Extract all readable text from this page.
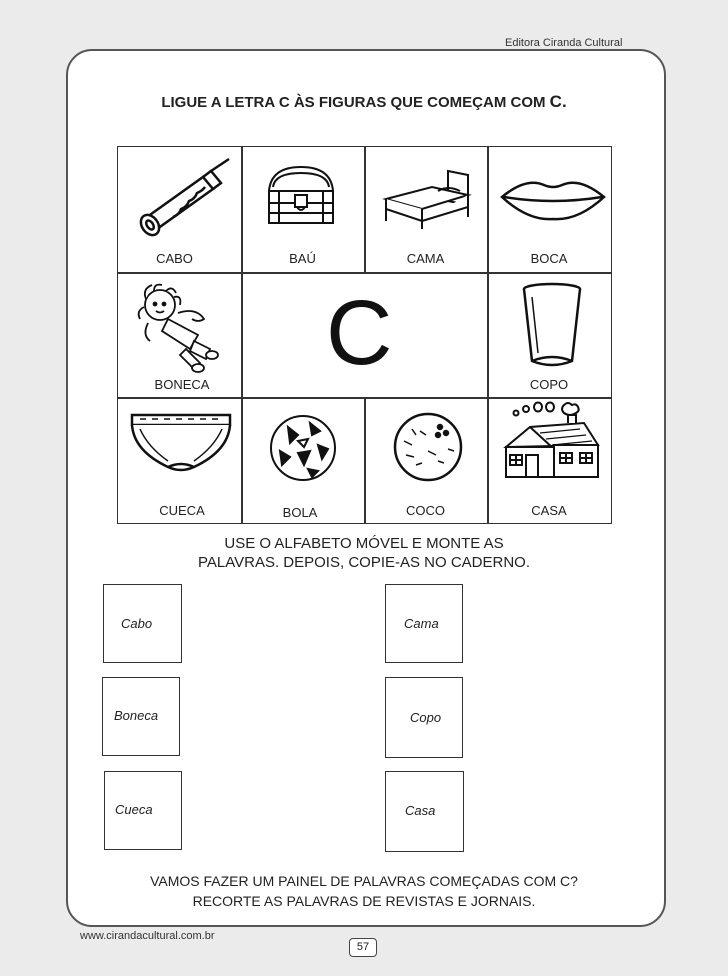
Editora Ciranda Cultural
LIGUE A LETRA C ÀS FIGURAS QUE COMEÇAM COM C.
CABO	BAÚ	CAMA	BOCA
BONECA
C
COPO
CUECA	BOLA	COCO	CASA
USE O ALFABETO MÓVEL E MONTE AS
PALAVRAS. DEPOIS, COPIE-AS NO CADERNO.
Cabo	Cama
Boneca	Copo
Cueca	Casa
VAMOS FAZER UM PAINEL DE PALAVRAS COMEÇADAS COM C?
RECORTE AS PALAVRAS DE REVISTAS E JORNAIS.
www.cirandacultural.com.br
57
